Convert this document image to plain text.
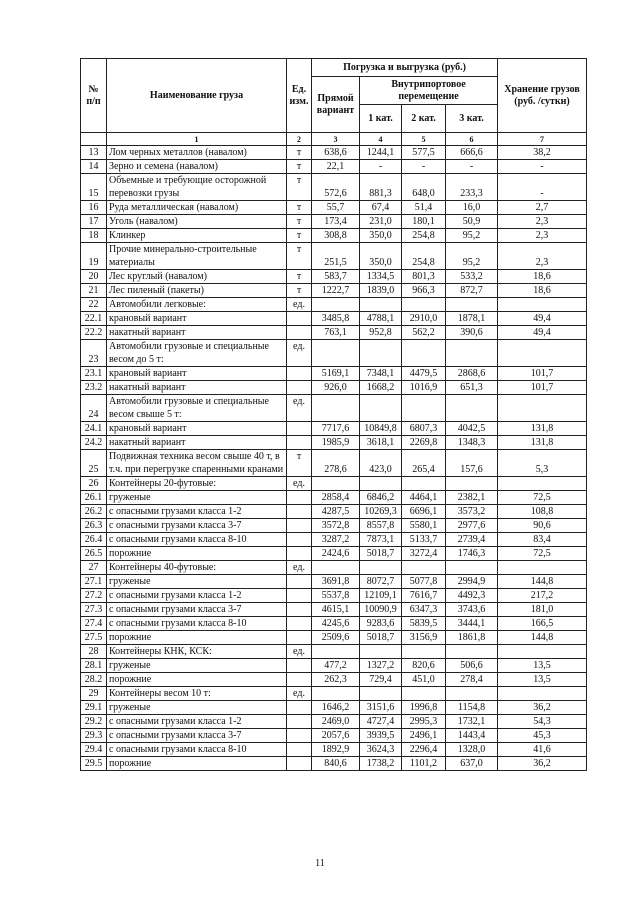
№ п/п	Наименование груза	Ед. изм.	Погрузка и выгрузка (руб.)				Хранение грузов (руб. /суткн)
			Прямой вариант	Внутрипортовое перемещение			
				1 кат.	2 кат.	3 кат.	
	1	2	3	4	5	6	7
13	Лом черных металлов (навалом)	т	638,6	1244,1	577,5	666,6	38,2
14	Зерно и семена (навалом)	т	22,1	-	-	-	-
15	Объемные и требующие осторожной перевозки грузы	т	572,6	881,3	648,0	233,3	-
16	Руда металлическая (навалом)	т	55,7	67,4	51,4	16,0	2,7
17	Уголь (навалом)	т	173,4	231,0	180,1	50,9	2,3
18	Клинкер	т	308,8	350,0	254,8	95,2	2,3
19	Прочие минерально-строительные материалы	т	251,5	350,0	254,8	95,2	2,3
20	Лес круглый (навалом)	т	583,7	1334,5	801,3	533,2	18,6
21	Лес пиленый (пакеты)	т	1222,7	1839,0	966,3	872,7	18,6
22	Автомобили легковые:	ед.					
22.1	крановый вариант		3485,8	4788,1	2910,0	1878,1	49,4
22.2	накатный вариант		763,1	952,8	562,2	390,6	49,4
23	Автомобили грузовые и специальные весом до 5 т:	ед.					
23.1	крановый вариант		5169,1	7348,1	4479,5	2868,6	101,7
23.2	накатный вариант		926,0	1668,2	1016,9	651,3	101,7
24	Автомобили грузовые и специальные весом свыше 5 т:	ед.					
24.1	крановый вариант		7717,6	10849,8	6807,3	4042,5	131,8
24.2	накатный вариант		1985,9	3618,1	2269,8	1348,3	131,8
25	Подвижная техника весом свыше 40 т, в т.ч. при перегрузке спаренными кранами	т	278,6	423,0	265,4	157,6	5,3
26	Контейнеры 20-футовые:	ед.					
26.1	груженые		2858,4	6846,2	4464,1	2382,1	72,5
26.2	с опасными грузами класса 1-2		4287,5	10269,3	6696,1	3573,2	108,8
26.3	с опасными грузами класса 3-7		3572,8	8557,8	5580,1	2977,6	90,6
26.4	с опасными грузами класса 8-10		3287,2	7873,1	5133,7	2739,4	83,4
26.5	порожние		2424,6	5018,7	3272,4	1746,3	72,5
27	Контейнеры 40-футовые:	ед.					
27.1	груженые		3691,8	8072,7	5077,8	2994,9	144,8
27.2	с опасными грузами класса 1-2		5537,8	12109,1	7616,7	4492,3	217,2
27.3	с опасными грузами класса 3-7		4615,1	10090,9	6347,3	3743,6	181,0
27.4	с опасными грузами класса 8-10		4245,6	9283,6	5839,5	3444,1	166,5
27.5	порожние		2509,6	5018,7	3156,9	1861,8	144,8
28	Контейнеры КНК, КСК:	ед.					
28.1	груженые		477,2	1327,2	820,6	506,6	13,5
28.2	порожние		262,3	729,4	451,0	278,4	13,5
29	Контейнеры весом 10 т:	ед.					
29.1	груженые		1646,2	3151,6	1996,8	1154,8	36,2
29.2	с опасными грузами класса 1-2		2469,0	4727,4	2995,3	1732,1	54,3
29.3	с опасными грузами класса 3-7		2057,6	3939,5	2496,1	1443,4	45,3
29.4	с опасными грузами класса 8-10		1892,9	3624,3	2296,4	1328,0	41,6
29.5	порожние		840,6	1738,2	1101,2	637,0	36,2
11
